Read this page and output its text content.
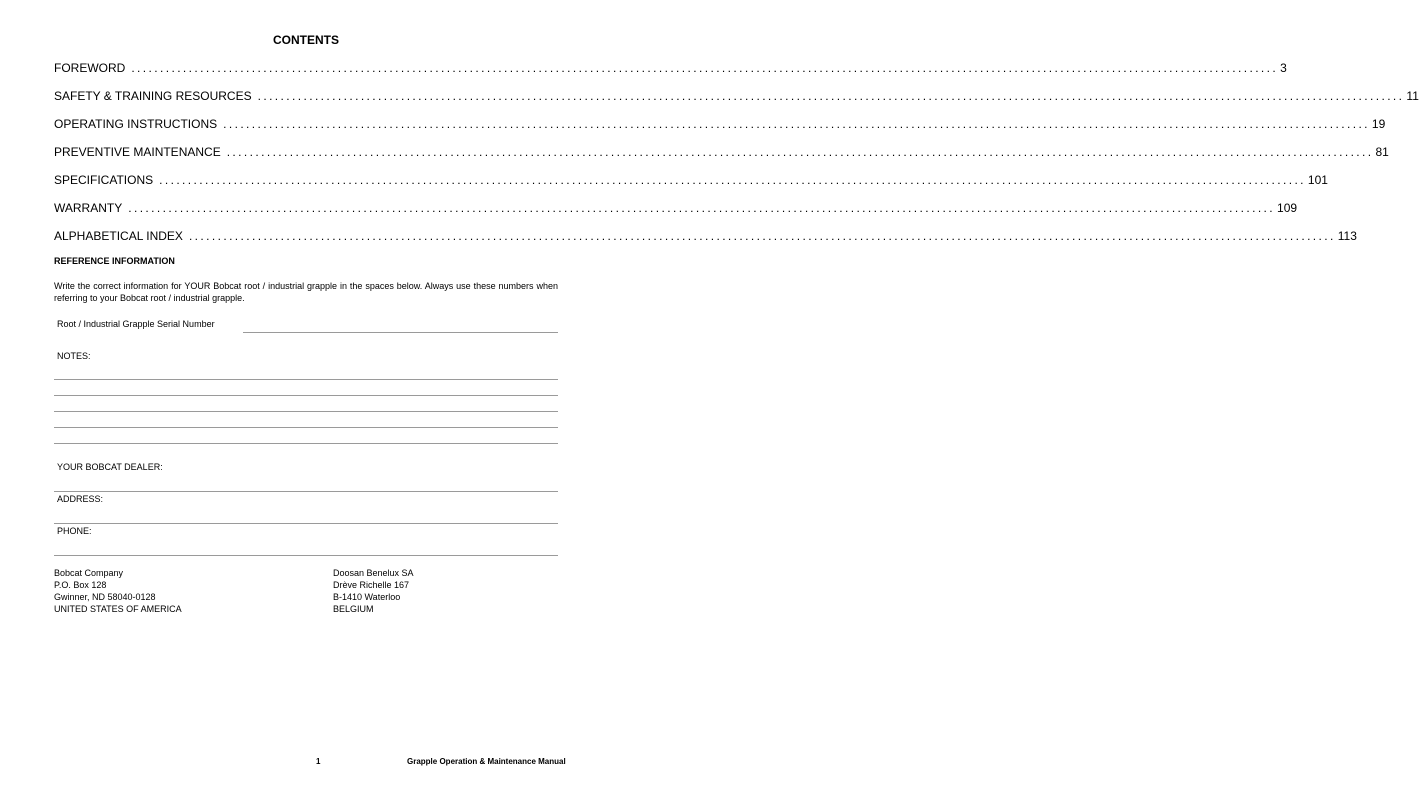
CONTENTS
FOREWORD ........................................................................................................................................................................................................ 3
SAFETY & TRAINING RESOURCES ........................................................................................................................................................................................................ 11
OPERATING INSTRUCTIONS ........................................................................................................................................................................................................ 19
PREVENTIVE MAINTENANCE ........................................................................................................................................................................................................ 81
SPECIFICATIONS ........................................................................................................................................................................................................ 101
WARRANTY ........................................................................................................................................................................................................ 109
ALPHABETICAL INDEX ........................................................................................................................................................................................................ 113
REFERENCE INFORMATION
Write the correct information for YOUR Bobcat root / industrial grapple in the spaces below. Always use these numbers when referring to your Bobcat root / industrial grapple.
Root / Industrial Grapple Serial Number
NOTES:
YOUR BOBCAT DEALER:
ADDRESS:
PHONE:
Bobcat Company
P.O. Box 128
Gwinner, ND 58040-0128
UNITED STATES OF AMERICA
Doosan Benelux SA
Drève Richelle 167
B-1410 Waterloo
BELGIUM
1	Grapple Operation & Maintenance Manual
